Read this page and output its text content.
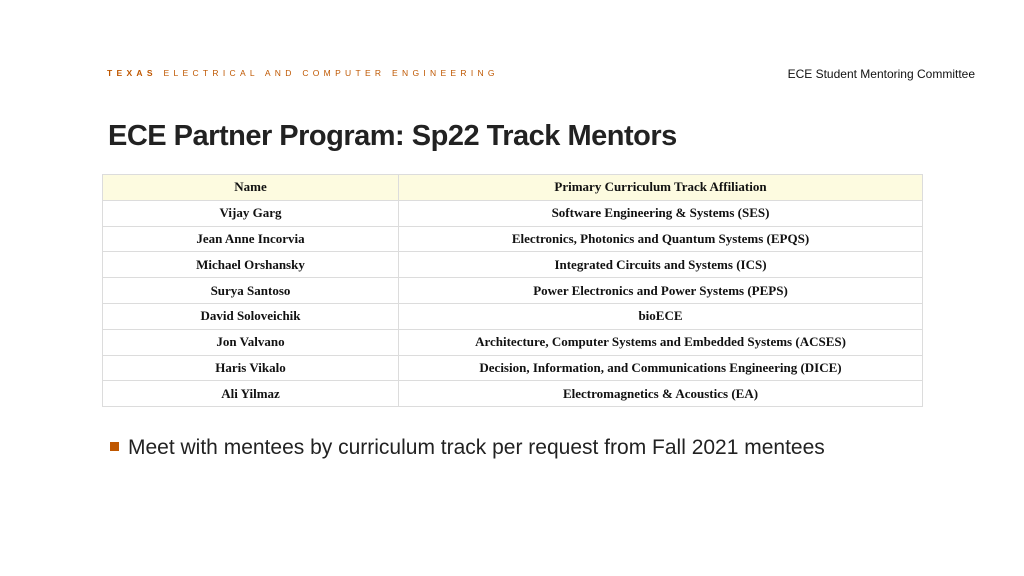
TEXAS ELECTRICAL AND COMPUTER ENGINEERING	ECE Student Mentoring Committee
ECE Partner Program: Sp22 Track Mentors
Name	Primary Curriculum Track Affiliation
Vijay Garg	Software Engineering & Systems (SES)
Jean Anne Incorvia	Electronics, Photonics and Quantum Systems (EPQS)
Michael Orshansky	Integrated Circuits and Systems (ICS)
Surya Santoso	Power Electronics and Power Systems (PEPS)
David Soloveichik	bioECE
Jon Valvano	Architecture, Computer Systems and Embedded Systems (ACSES)
Haris Vikalo	Decision, Information, and Communications Engineering (DICE)
Ali Yilmaz	Electromagnetics & Acoustics (EA)
Meet with mentees by curriculum track per request from Fall 2021 mentees
